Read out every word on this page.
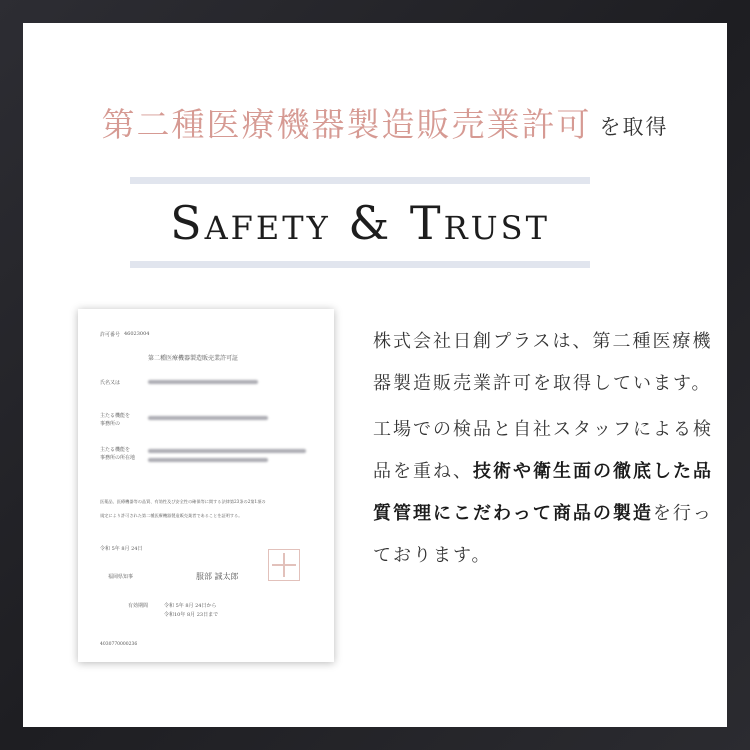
第二種医療機器製造販売業許可 を取得
Safety & Trust
許可番号 46023004
第二種医療機器製造販売業許可証
氏名又は
主たる機能を
事務所の
主たる機能を
事務所の所在地
医薬品、医療機器等の品質、有効性及び安全性の確保等に関する法律第23条の2第1項の
規定により許可された第二種医療機器製造販売業者であることを証明する。
令和 5年 8月 24日
福岡県知事	服部 誠太郎
有効期間	令和 5年 8月 24日から
令和10年 8月 23日まで
4030770000236

株式会社日創プラスは、第二種医療機器製造販売業許可を取得しています。

工場での検品と自社スタッフによる検品を重ね、技術や衛生面の徹底した品質管理にこだわって商品の製造を行っております。
